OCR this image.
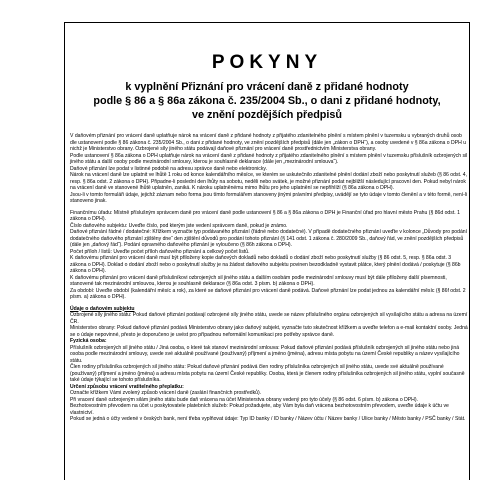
POKYNY
k vyplnění Přiznání pro vrácení daně z přidané hodnoty
podle § 86 a § 86a zákona č. 235/2004 Sb., o dani z přidané hodnoty,
ve znění pozdějších předpisů

V daňovém přiznání pro vrácení daně uplatňuje nárok na vrácení daně z přidané hodnoty z přijatého zdanitelného plnění s místem plnění v tuzemsku u vybraných druhů osob dle ustanovení podle § 86 zákona č. 235/2004 Sb., o dani z přidané hodnoty, ve znění pozdějších předpisů (dále jen „zákon o DPH“), a osoby uvedené v § 86a zákona o DPH u nichž je Ministerstvo obrany. Ozbrojené síly jiného státu podávají daňové přiznání pro vrácení daně prostřednictvím Ministerstva obrany.

Podle ustanovení § 86a zákona o DPH uplatňuje nárok na vrácení daně z přidané hodnoty z přijatého zdanitelného plnění s místem plnění v tuzemsku příslušník ozbrojených sil jiného státu a další osoby podle mezinárodní smlouvy, kterou je souhlasně deklarace (dále jen „mezinárodní smlouva“).

Daňové přiznání lze podat v listinné podobě na adresu správce daně nebo elektronicky.

Nárok na vrácení daně lze uplatnit ve lhůtě 1 roku od konce kalendářního měsíce, ve kterém se uskutečnilo zdanitelné plnění dodání zboží nebo poskytnutí služeb (§ 86 odst. 4, resp. § 86a odst. 2 zákona o DPH). Připadne-li poslední den lhůty na sobotu, neděli nebo svátek, je možné přiznání podat nejbližší následující pracovní den. Pokud nebyl nárok na vrácení daně ve stanovené lhůtě uplatněn, zaniká. K nároku uplatněnému mimo lhůtu pro jeho uplatnění se nepřihlíží (§ 86a zákona o DPH).

Jsou-li v tomto formuláři údaje, jejichž záznam nebo forma jsou tímto formulářem stanoveny jinými právními předpisy, uvádějí se tyto údaje v tomto členění a v této formě, není-li stanoveno jinak.

Finančnímu úřadu: Místně příslušným správcem daně pro vrácení daně podle ustanovení § 86 a § 86a zákona o DPH je Finanční úřad pro hlavní město Prahu (§ 86d odst. 1 zákona o DPH).

Číslo daňového subjektu: Uveďte číslo, pod kterým jste vedení správcem daně, pokud je známo.

Daňové přiznání řádné / dodatečné: Křížkem vyznačte typ podávaného přiznání (řádné nebo dodatečné). V případě dodatečného přiznání uveďte v kolonce „Důvody pro podání dodatečného daňového přiznání zjištěny dne“ den zjištění důvodů pro podání tohoto přiznání (§ 141 odst. 1 zákona č. 280/2009 Sb., daňový řád, ve znění pozdějších předpisů (dále jen „daňový řád“). Podání opravného daňového přiznání je vyloučeno (§ 86h zákona o DPH).

Počet příloh / listů: Uveďte počet příloh daňového přiznání a celkový počet listů.

K daňovému přiznání pro vrácení daně musí být přiloženy kopie daňových dokladů nebo dokladů o dodání zboží nebo poskytnutí služby (§ 86 odst. 5, resp. § 86a odst. 3 zákona o DPH). Doklad o dodání zboží nebo o poskytnutí služby je na žádost daňového subjektu povinen bezodkladně vystavit plátce, který plnění dodává / poskytuje (§ 86b zákona o DPH).

K daňovému přiznání pro vrácení daně příslušníkovi ozbrojených sil jiného státu a dalším osobám podle mezinárodní smlouvy musí být dále přiloženy další písemnosti, stanovené tak mezinárodní smlouvou, kterou je souhlasně deklarace (§ 86a odst. 3 písm. b) zákona o DPH).

Za období: Uveďte období (kalendářní měsíc a rok), za které se daňové přiznání pro vrácení daně podává. Daňové přiznání lze podat jednou za kalendářní měsíc (§ 86f odst. 2 písm. a) zákona o DPH).

Údaje o daňovém subjektu

Ozbrojené síly jiného státu: Pokud daňové přiznání podávají ozbrojené síly jiného státu, uvede se název příslušného orgánu ozbrojených sil vysílajícího státu a adresa na území ČR.

Ministerstvo obrany: Pokud daňové přiznání podává Ministerstvo obrany jako daňový subjekt, vyznačte tuto skutečnost křížkem a uveďte telefon a e-mail kontaktní osoby. Jedná se o údaje nepovinné, přesto je doporučeno je uvést pro případnou neformální komunikaci pro potřeby správce daně.

Fyzická osoba:

Příslušník ozbrojených sil jiného státu / Jiná osoba, o které tak stanoví mezinárodní smlouva: Pokud daňové přiznání podává příslušník ozbrojených sil jiného státu nebo jiná osoba podle mezinárodní smlouvy, uvede své aktuálně používané (používaný) příjmení a jméno (jména), adresu místa pobytu na území České republiky a název vysílajícího státu.

Člen rodiny příslušníka ozbrojených sil jiného státu: Pokud daňové přiznání podává člen rodiny příslušníka ozbrojených sil jiného státu, uvede své aktuálně používané (používaný) příjmení a jméno (jména) a adresu místa pobytu na území České republiky. Osoba, která je členem rodiny příslušníka ozbrojených sil jiného státu, vyplní současně také údaje týkající se tohoto příslušníka.

Určení způsobu vrácení vratitelného přeplatku:

Označte křížkem Vámi zvolený způsob vrácení daně (zaslání finančních prostředků).

Při vracení daně ozbrojeným silám jiného státu bude daň vrácena na účet Ministerstva obrany vedený pro tyto účely (§ 86 odst. 6 písm. b) zákona o DPH).

Bezhotovostním převodem na účet u poskytovatele platebních služeb: Pokud požadujete, aby Vám byla daň vrácena bezhotovostním převodem, uveďte údaje k účtu ve vlastnictví.

Pokud se jedná o účty vedené v českých bank, není třeba vyplňovat údaje: Typ ID banky / ID banky / Název účtu / Název banky / Ulice banky / Město banky / PSČ banky / Stát.
